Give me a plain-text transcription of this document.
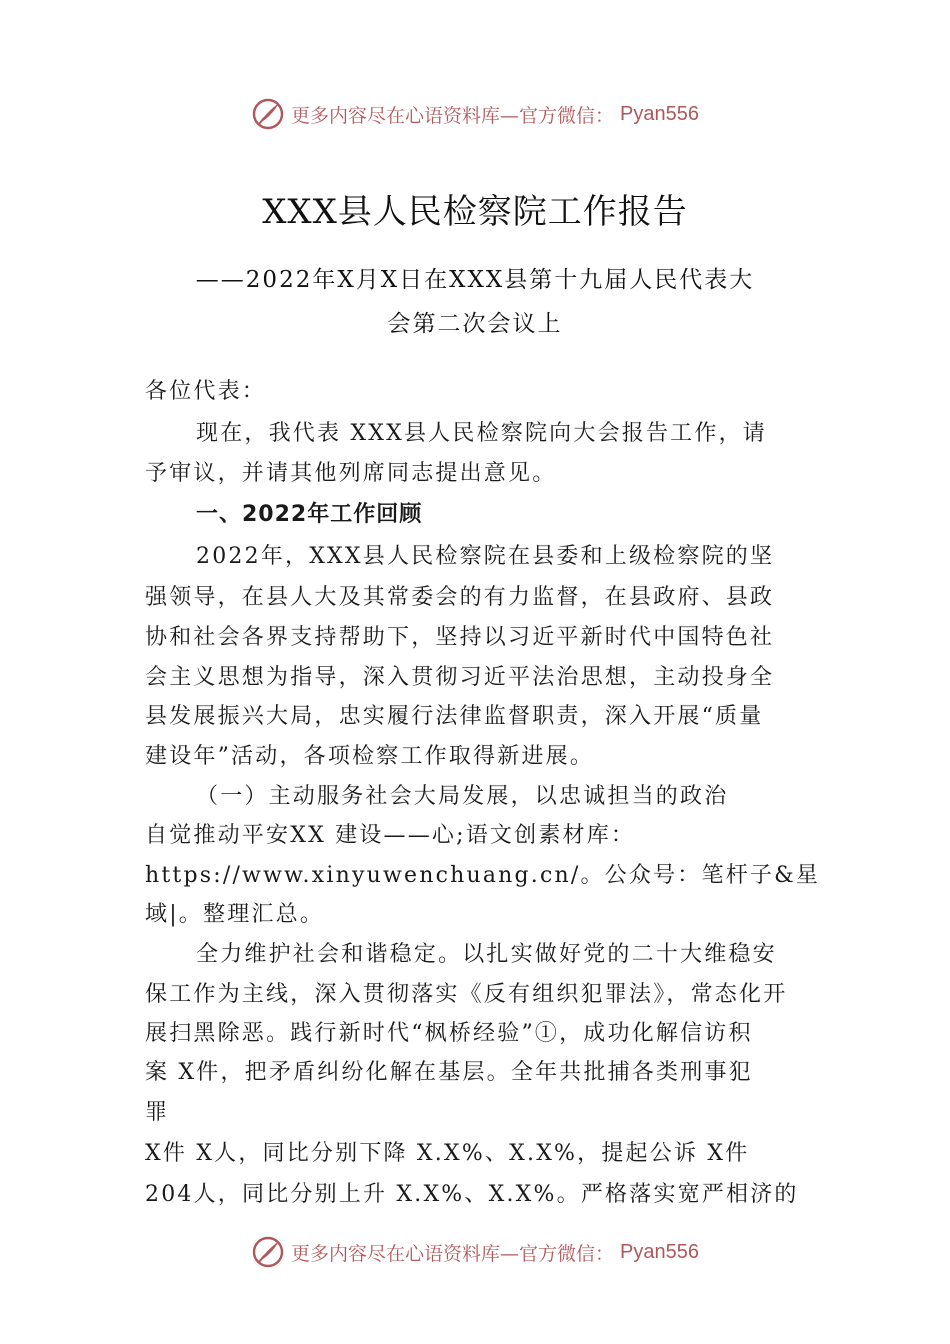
更多内容尽在心语资料库—官方微信： Pyan556
XXX县人民检察院工作报告
——2022年X月X日在XXX县第十九届人民代表大
会第二次会议上
各位代表：
现在，我代表 XXX县人民检察院向大会报告工作，请
予审议，并请其他列席同志提出意见。
一、2022年工作回顾
2022年，XXX县人民检察院在县委和上级检察院的坚
强领导，在县人大及其常委会的有力监督，在县政府、县政
协和社会各界支持帮助下，坚持以习近平新时代中国特色社
会主义思想为指导，深入贯彻习近平法治思想，主动投身全
县发展振兴大局，忠实履行法律监督职责，深入开展“质量
建设年”活动，各项检察工作取得新进展。
（一）主动服务社会大局发展，以忠诚担当的政治
自觉推动平安XX 建设——心;语文创素材库：
https://www.xinyuwenchuang.cn/。公众号：笔杆子&星
域|。整理汇总。
全力维护社会和谐稳定。以扎实做好党的二十大维稳安
保工作为主线，深入贯彻落实《反有组织犯罪法》，常态化开
展扫黑除恶。践行新时代“枫桥经验”①，成功化解信访积
案 X件，把矛盾纠纷化解在基层。全年共批捕各类刑事犯
罪
X件 X人，同比分别下降 X.X%、X.X%，提起公诉 X件
204人，同比分别上升 X.X%、X.X%。严格落实宽严相济的
更多内容尽在心语资料库—官方微信： Pyan556
